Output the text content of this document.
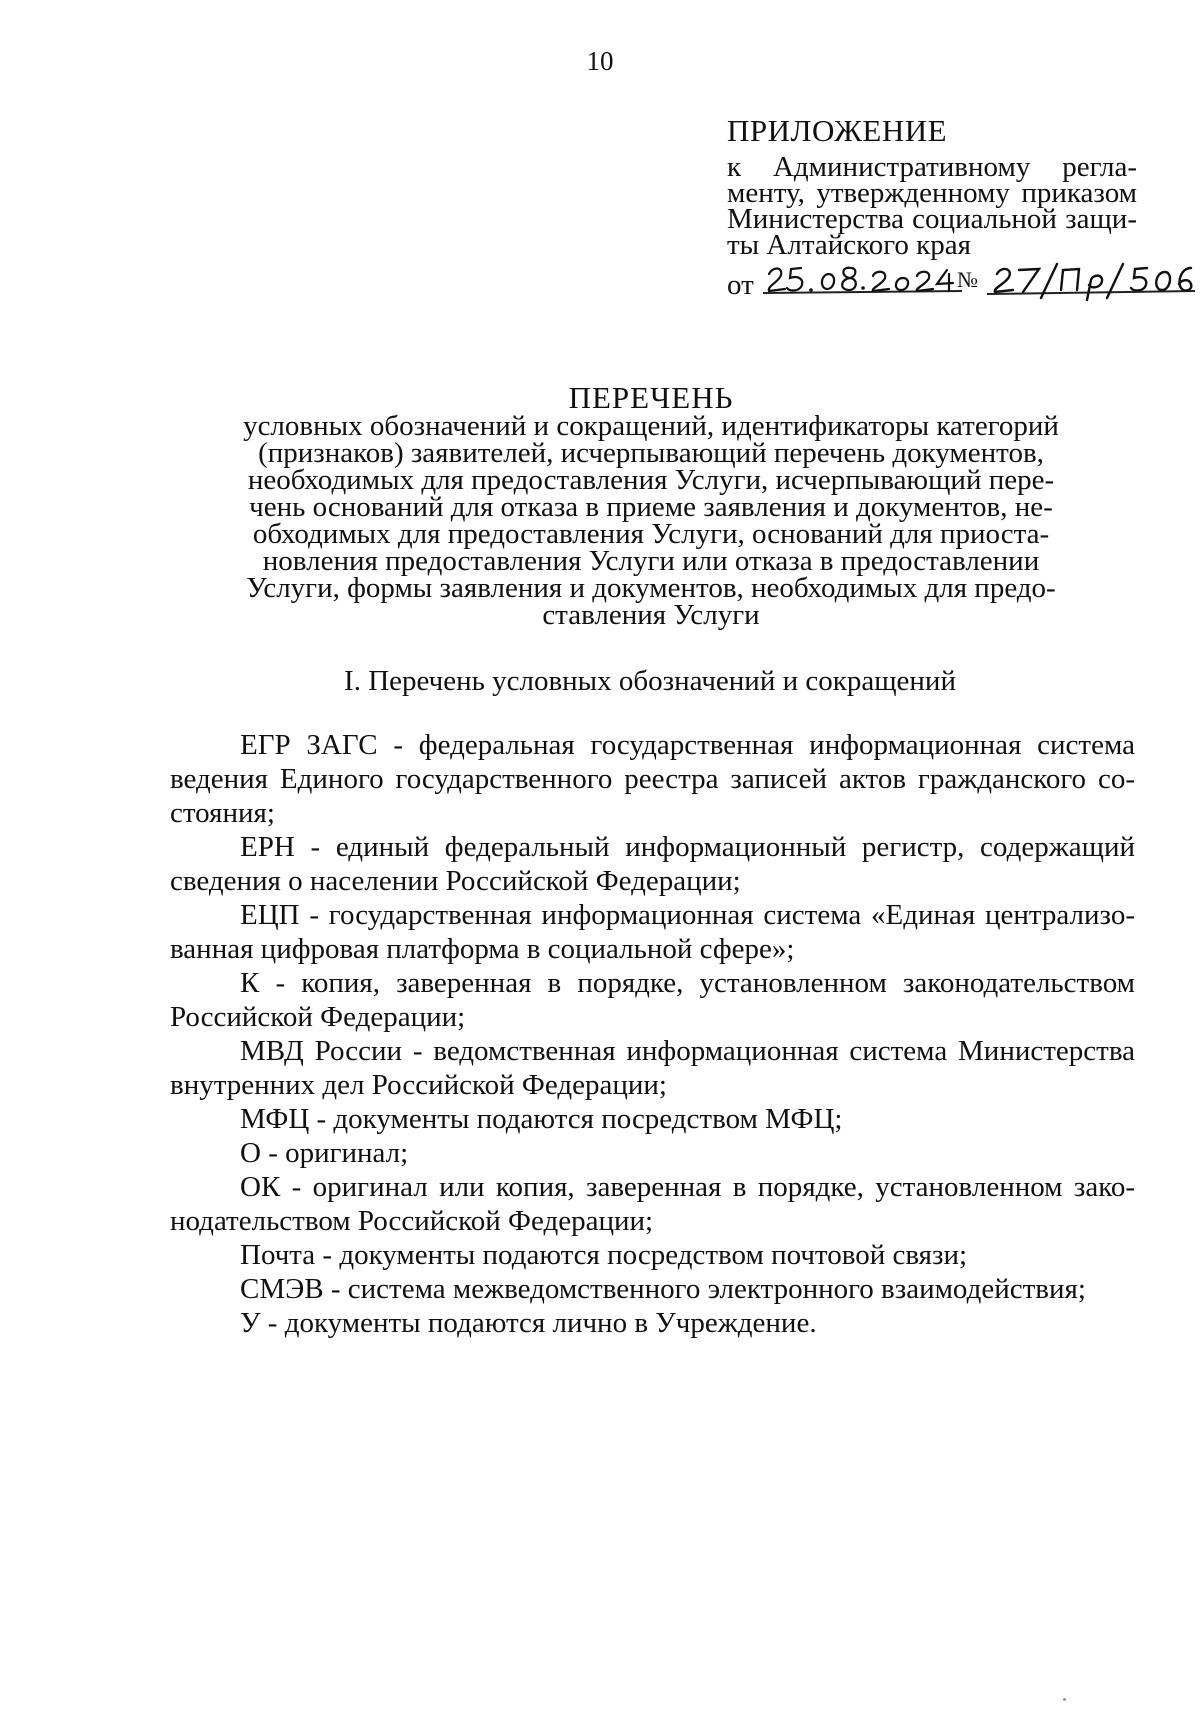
10
ПРИЛОЖЕНИЕ
к Административному регла-
менту, утвержденному приказом
Министерства социальной защи-
ты Алтайского края
от	№
ПЕРЕЧЕНЬ
условных обозначений и сокращений, идентификаторы категорий
(признаков) заявителей, исчерпывающий перечень документов,
необходимых для предоставления Услуги, исчерпывающий пере-
чень оснований для отказа в приеме заявления и документов, не-
обходимых для предоставления Услуги, оснований для приоста-
новления предоставления Услуги или отказа в предоставлении
Услуги, формы заявления и документов, необходимых для предо-
ставления Услуги
I. Перечень условных обозначений и сокращений
ЕГР ЗАГС - федеральная государственная информационная система
ведения Единого государственного реестра записей актов гражданского со-
стояния;
ЕРН - единый федеральный информационный регистр, содержащий
сведения о населении Российской Федерации;
ЕЦП - государственная информационная система «Единая централизо-
ванная цифровая платформа в социальной сфере»;
К - копия, заверенная в порядке, установленном законодательством
Российской Федерации;
МВД России - ведомственная информационная система Министерства
внутренних дел Российской Федерации;
МФЦ - документы подаются посредством МФЦ;
О - оригинал;
ОК - оригинал или копия, заверенная в порядке, установленном зако-
нодательством Российской Федерации;
Почта - документы подаются посредством почтовой связи;
СМЭВ - система межведомственного электронного взаимодействия;
У - документы подаются лично в Учреждение.
